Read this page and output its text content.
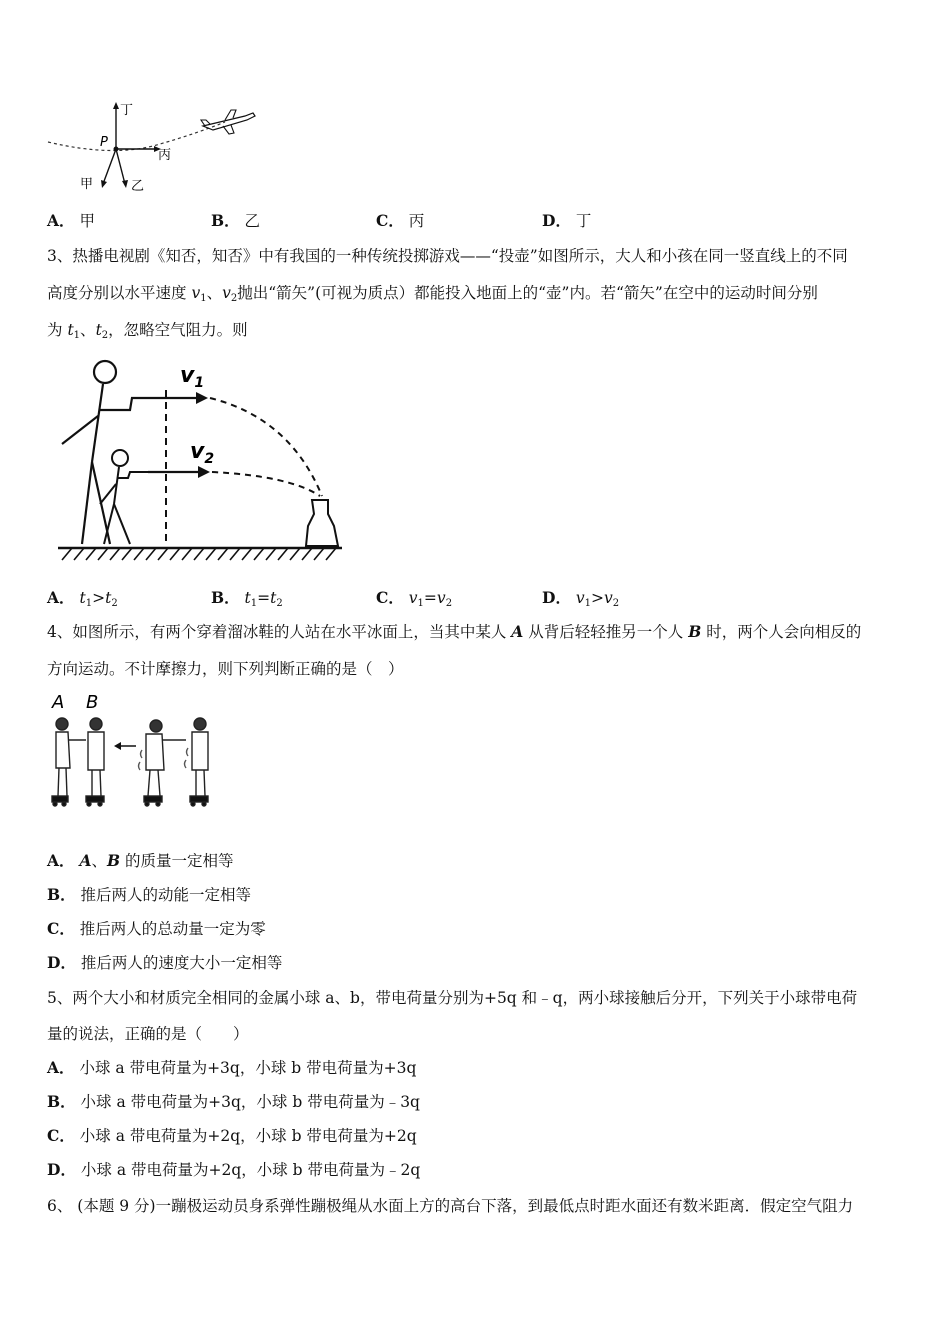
丁
P
丙
甲	乙
A． 甲	B． 乙	C． 丙	D． 丁
3、热播电视剧《知否，知否》中有我国的一种传统投掷游戏——“投壶”如图所示，大人和小孩在同一竖直线上的不同
高度分别以水平速度 $v_1$、$v_2$抛出“箭矢”(可视为质点）都能投入地面上的“壶”内。若“箭矢”在空中的运动时间分别
为 $t_1$、$t_2$，忽略空气阻力。则
$v_1$
$v_2$
A． $t_1>t_2$	B． $t_1=t_2$	C． $v_1=v_2$	D． $v_1>v_2$
4、如图所示，有两个穿着溜冰鞋的人站在水平冰面上，当其中某人 A 从背后轻轻推另一个人 B 时，两个人会向相反的
方向运动。不计摩擦力，则下列判断正确的是（　）
A B
A． A、B 的质量一定相等
B． 推后两人的动能一定相等
C． 推后两人的总动量一定为零
D． 推后两人的速度大小一定相等
5、两个大小和材质完全相同的金属小球 a、b，带电荷量分别为+5q 和﹣q，两小球接触后分开，下列关于小球带电荷
量的说法，正确的是（　　）
A． 小球 a 带电荷量为+3q，小球 b 带电荷量为+3q
B． 小球 a 带电荷量为+3q，小球 b 带电荷量为﹣3q
C． 小球 a 带电荷量为+2q，小球 b 带电荷量为+2q
D． 小球 a 带电荷量为+2q，小球 b 带电荷量为﹣2q
6、 (本题 9 分)一蹦极运动员身系弹性蹦极绳从水面上方的高台下落，到最低点时距水面还有数米距离．假定空气阻力
